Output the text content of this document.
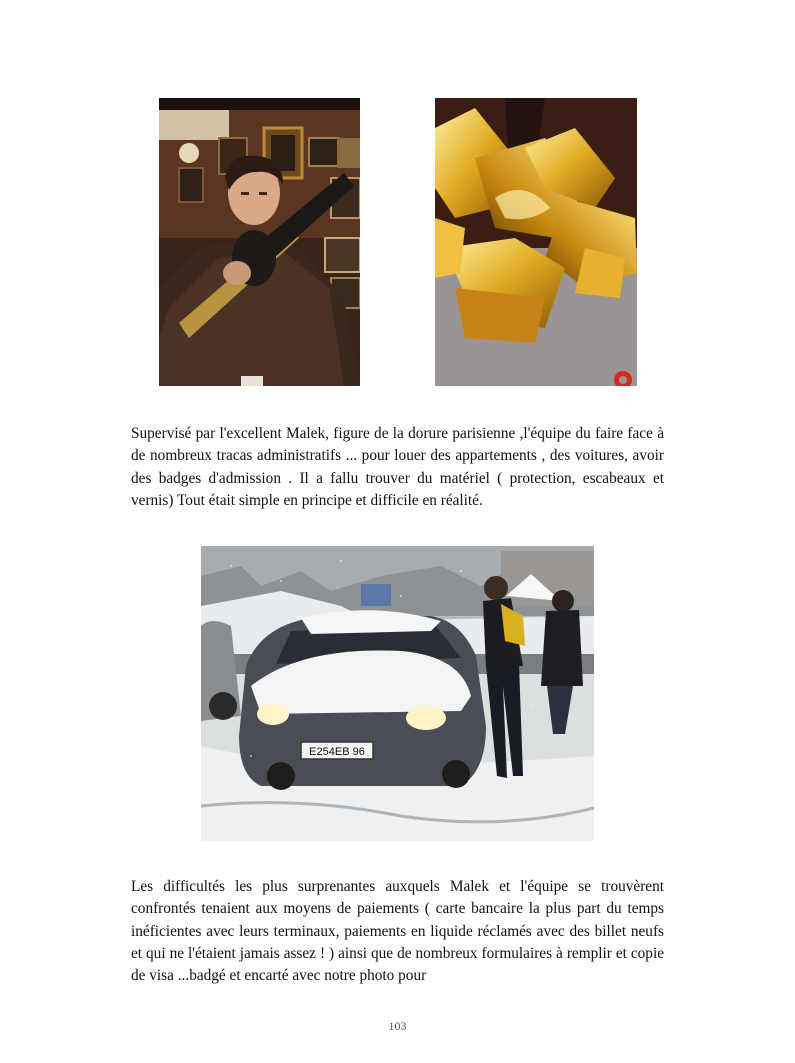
Supervisé par l'excellent Malek, figure de la dorure parisienne ,l'équipe du faire face à de nombreux tracas administratifs ... pour louer des appartements , des voitures, avoir des badges d'admission . Il a fallu trouver du matériel ( protection, escabeaux et vernis) Tout était simple en principe et difficile en réalité.
Е254ЕВ 96
Les difficultés les plus surprenantes auxquels Malek et l'équipe se trouvèrent confrontés tenaient aux moyens de paiements ( carte bancaire la plus part du temps inéficientes avec leurs terminaux, paiements en liquide réclamés avec des billet neufs et qui ne l'étaient jamais assez ! ) ainsi que de nombreux formulaires à remplir et copie de visa ...badgé et encarté avec notre photo pour
103
